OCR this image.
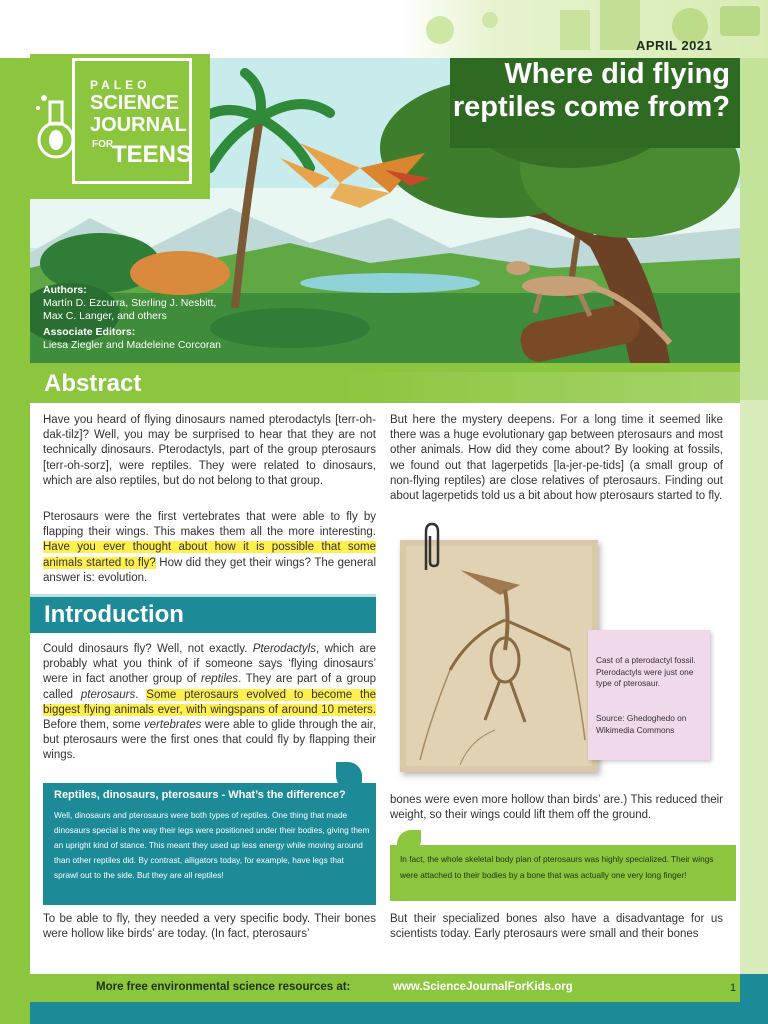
PALEO
SCIENCE
JOURNAL
FOR
TEENS
APRIL 2021
Where did flying
reptiles come from?
Authors:
Martín D. Ezcurra, Sterling J. Nesbitt,
Max C. Langer, and others
Associate Editors:
Liesa Ziegler and Madeleine Corcoran
Abstract
Have you heard of flying dinosaurs named pterodactyls [terr-oh-dak-tilz]? Well, you may be surprised to hear that they are not technically dinosaurs. Pterodactyls, part of the group pterosaurs [terr-oh-sorz], were reptiles. They were related to dinosaurs, which are also reptiles, but do not belong to that group.
Pterosaurs were the first vertebrates that were able to fly by flapping their wings. This makes them all the more interesting. Have you ever thought about how it is possible that some animals started to fly? How did they get their wings? The general answer is: evolution.
But here the mystery deepens. For a long time it seemed like there was a huge evolutionary gap between pterosaurs and most other animals. How did they come about? By looking at fossils, we found out that lagerpetids [la-jer-pe-tids] (a small group of non-flying reptiles) are close relatives of pterosaurs. Finding out about lagerpetids told us a bit about how pterosaurs started to fly.
Introduction
Could dinosaurs fly? Well, not exactly. Pterodactyls, which are probably what you think of if someone says ‘flying dinosaurs’ were in fact another group of reptiles. They are part of a group called pterosaurs. Some pterosaurs evolved to become the biggest flying animals ever, with wingspans of around 10 meters. Before them, some vertebrates were able to glide through the air, but pterosaurs were the first ones that could fly by flapping their wings.
Reptiles, dinosaurs, pterosaurs - What’s the difference?
Well, dinosaurs and pterosaurs were both types of reptiles. One thing that made dinosaurs special is the way their legs were positioned under their bodies, giving them an upright kind of stance. This meant they used up less energy while moving around than other reptiles did. By contrast, alligators today, for example, have legs that sprawl out to the side. But they are all reptiles!
To be able to fly, they needed a very specific body. Their bones were hollow like birds’ are today. (In fact, pterosaurs’
Cast of a pterodactyl fossil. Pterodactyls were just one type of pterosaur.
Source: Ghedoghedo on Wikimedia Commons
bones were even more hollow than birds’ are.) This reduced their weight, so their wings could lift them off the ground.
In fact, the whole skeletal body plan of pterosaurs was highly specialized. Their wings were attached to their bodies by a bone that was actually one very long finger!
But their specialized bones also have a disadvantage for us scientists today. Early pterosaurs were small and their bones
More free environmental science resources at:	www.ScienceJournalForKids.org	1
